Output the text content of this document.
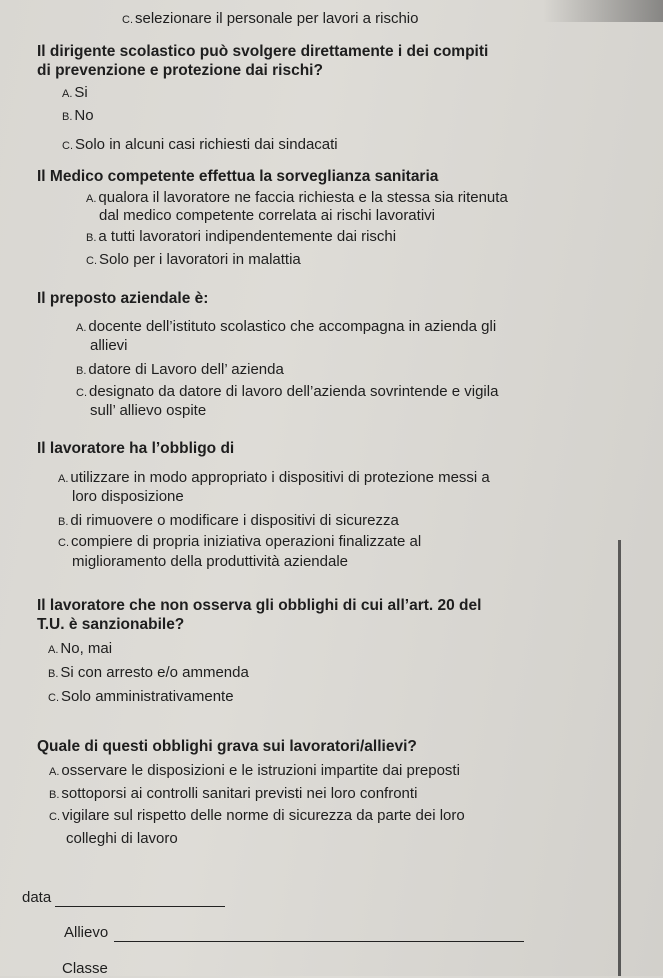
C. selezionare il personale per lavori a rischio
Il dirigente scolastico può svolgere direttamente i dei compiti
di prevenzione e protezione dai rischi?
A. Si
B. No
C. Solo in alcuni casi richiesti dai sindacati
Il Medico competente effettua la sorveglianza sanitaria
A. qualora il lavoratore ne faccia richiesta e la stessa sia ritenuta
dal medico competente correlata ai rischi lavorativi
B. a tutti lavoratori indipendentemente dai rischi
C. Solo per i lavoratori in malattia
Il preposto aziendale è:
A. docente dell’istituto scolastico che accompagna in azienda gli
allievi
B. datore di Lavoro dell’ azienda
C. designato da datore di lavoro dell’azienda sovrintende e vigila
sull’ allievo ospite
Il lavoratore ha l’obbligo di
A. utilizzare in modo appropriato i dispositivi di protezione messi a
loro disposizione
B. di rimuovere o modificare i dispositivi di sicurezza
C. compiere di propria iniziativa operazioni finalizzate al
miglioramento della produttività aziendale
Il lavoratore che non osserva gli obblighi di cui all’art. 20 del
T.U. è sanzionabile?
A. No, mai
B. Si con arresto e/o ammenda
C. Solo amministrativamente
Quale di questi obblighi grava sui lavoratori/allievi?
A. osservare le disposizioni e le istruzioni impartite dai preposti
B. sottoporsi ai controlli sanitari previsti nei loro confronti
C. vigilare sul rispetto delle norme di sicurezza da parte dei loro
colleghi di lavoro
data
Allievo
Classe
